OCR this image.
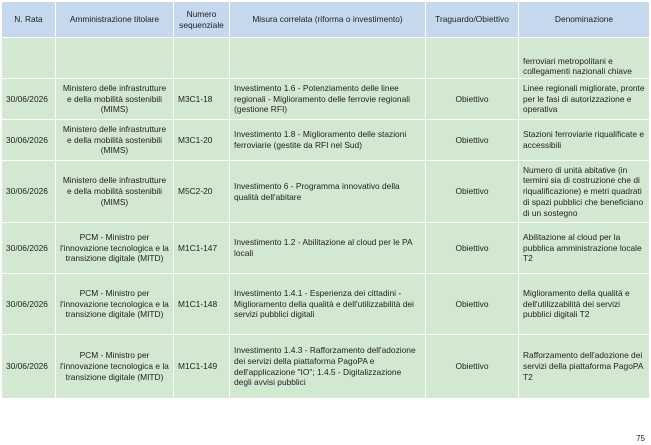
N. Rata	Amministrazione titolare	Numero sequenziale	Misura correlata (riforma o investimento)	Traguardo/Obiettivo	Denominazione
					ferroviari metropolitani e collegamenti nazionali chiave
30/06/2026	Ministero delle infrastrutture e della mobilità sostenibili (MIMS)	M3C1-18	Investimento 1.6 - Potenziamento delle linee regionali - Miglioramento delle ferrovie regionali (gestione RFI)	Obiettivo	Linee regionali migliorate, pronte per le fasi di autorizzazione e operativa
30/06/2026	Ministero delle infrastrutture e della mobilità sostenibili (MIMS)	M3C1-20	Investimento 1.8 - Miglioramento delle stazioni ferroviarie (gestite da RFI nel Sud)	Obiettivo	Stazioni ferroviarie riqualificate e accessibili
30/06/2026	Ministero delle infrastrutture e della mobilità sostenibili (MIMS)	M5C2-20	Investimento 6 - Programma innovativo della qualità dell'abitare	Obiettivo	Numero di unità abitative (in termini sia di costruzione che di riqualificazione) e metri quadrati di spazi pubblici che beneficiano di un sostegno
30/06/2026	PCM - Ministro per l'innovazione tecnologica e la transizione digitale (MITD)	M1C1-147	Investimento 1.2 - Abilitazione al cloud per le PA locali	Obiettivo	Abilitazione al cloud per la pubblica amministrazione locale T2
30/06/2026	PCM - Ministro per l'innovazione tecnologica e la transizione digitale (MITD)	M1C1-148	Investimento 1.4.1 - Esperienza dei cittadini - Miglioramento della qualità e dell'utilizzabilità dei servizi pubblici digitali	Obiettivo	Miglioramento della qualità e dell'utilizzabilità dei servizi pubblici digitali T2
30/06/2026	PCM - Ministro per l'innovazione tecnologica e la transizione digitale (MITD)	M1C1-149	Investimento 1.4.3 - Rafforzamento dell'adozione dei servizi della piattaforma PagoPA e dell'applicazione "IO"; 1.4.5 - Digitalizzazione degli avvisi pubblici	Obiettivo	Rafforzamento dell'adozione dei servizi della piattaforma PagoPA T2
75
